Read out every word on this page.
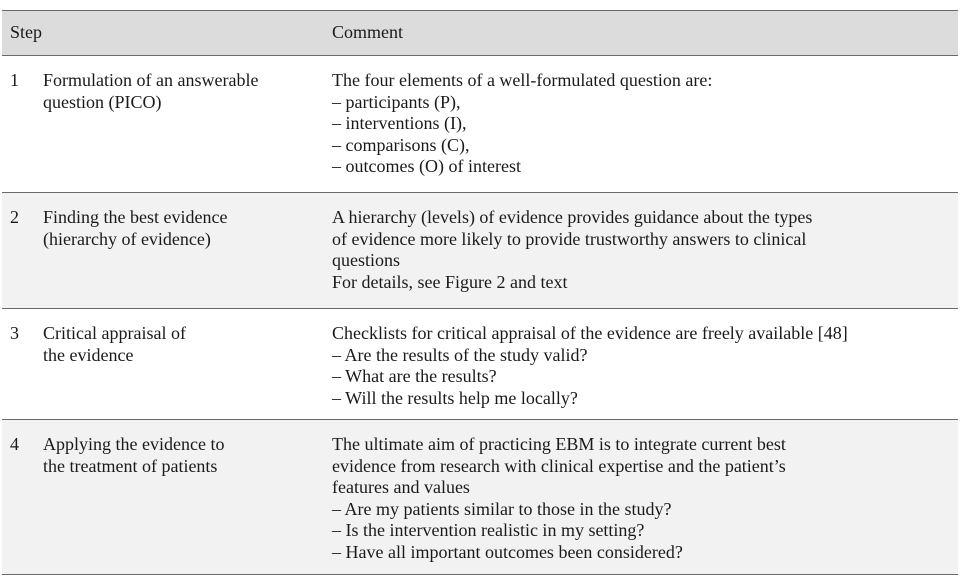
Step	Comment
1 Formulation of an answerable
question (PICO)
The four elements of a well-formulated question are:
– participants (P),
– interventions (I),
– comparisons (C),
– outcomes (O) of interest
2 Finding the best evidence
(hierarchy of evidence)
A hierarchy (levels) of evidence provides guidance about the types
of evidence more likely to provide trustworthy answers to clinical
questions
For details, see Figure 2 and text
3 Critical appraisal of
the evidence
Checklists for critical appraisal of the evidence are freely available [48]
– Are the results of the study valid?
– What are the results?
– Will the results help me locally?
4 Applying the evidence to
the treatment of patients
The ultimate aim of practicing EBM is to integrate current best
evidence from research with clinical expertise and the patient’s
features and values
– Are my patients similar to those in the study?
– Is the intervention realistic in my setting?
– Have all important outcomes been considered?
